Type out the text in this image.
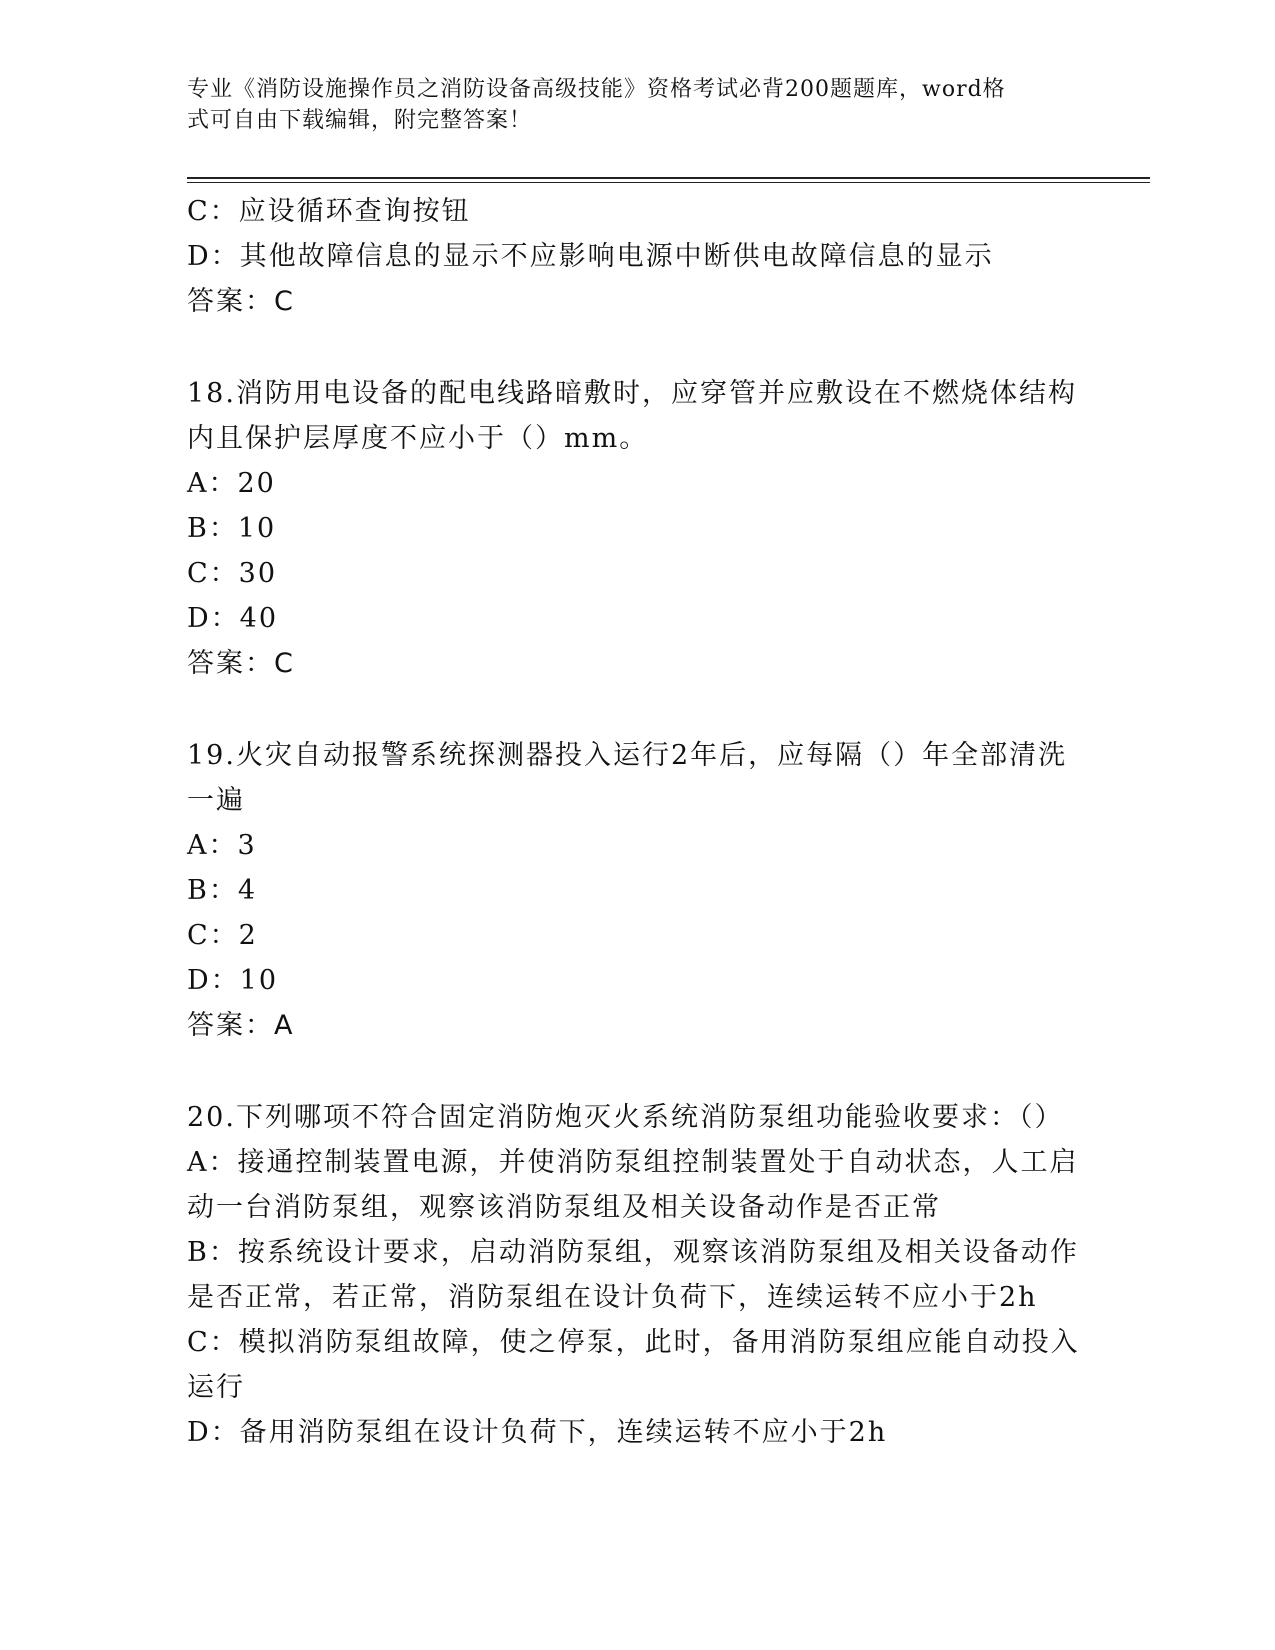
专业《消防设施操作员之消防设备高级技能》资格考试必背200题题库，word格
式可自由下载编辑，附完整答案！
C：应设循环查询按钮
D：其他故障信息的显示不应影响电源中断供电故障信息的显示
答案：C
18.消防用电设备的配电线路暗敷时，应穿管并应敷设在不燃烧体结构
内且保护层厚度不应小于（）mm。
A：20
B：10
C：30
D：40
答案：C
19.火灾自动报警系统探测器投入运行2年后，应每隔（）年全部清洗
一遍
A：3
B：4
C：2
D：10
答案：A
20.下列哪项不符合固定消防炮灭火系统消防泵组功能验收要求：（）
A：接通控制装置电源，并使消防泵组控制装置处于自动状态，人工启
动一台消防泵组，观察该消防泵组及相关设备动作是否正常
B：按系统设计要求，启动消防泵组，观察该消防泵组及相关设备动作
是否正常，若正常，消防泵组在设计负荷下，连续运转不应小于2h
C：模拟消防泵组故障，使之停泵，此时，备用消防泵组应能自动投入
运行
D：备用消防泵组在设计负荷下，连续运转不应小于2h
